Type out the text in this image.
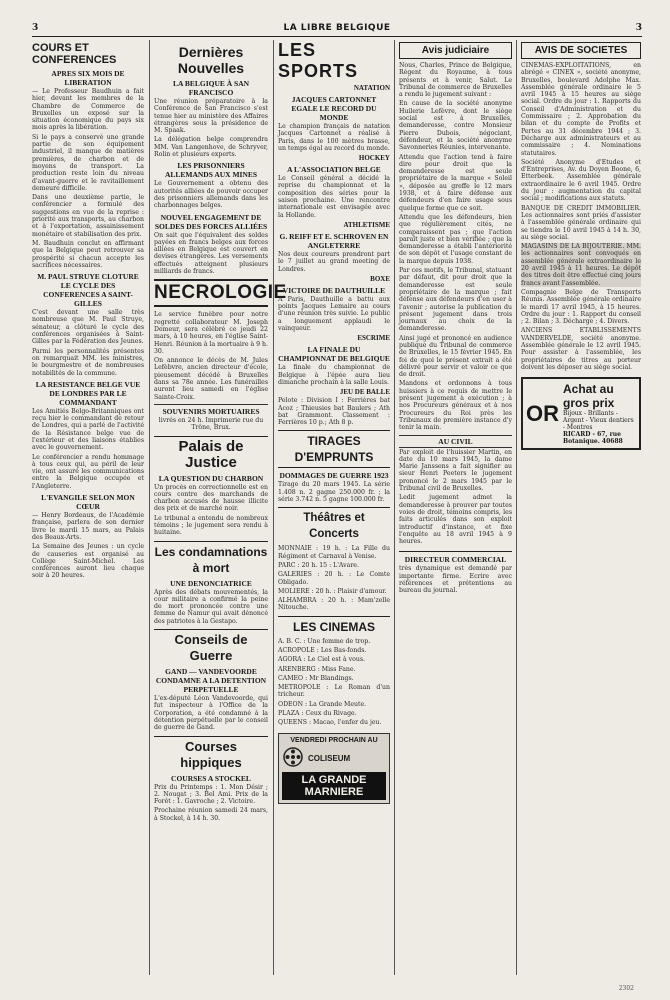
3	LA LIBRE BELGIQUE	3
COURS ET CONFERENCES
APRES SIX MOIS DE LIBERATION

— Le Professeur Baudhuin a fait hier, devant les membres de la Chambre de Commerce de Bruxelles un exposé sur la situation économique du pays six mois après la libération.

Si le pays a conservé une grande partie de son équipement industriel, il manque de matières premières, de charbon et de moyens de transport. La production reste loin du niveau d'avant-guerre et le ravitaillement demeure difficile.

Dans une deuxième partie, le conférencier a formulé des suggestions en vue de la reprise : priorité aux transports, au charbon et à l'exportation, assainissement monétaire et stabilisation des prix.

M. Baudhuin conclut en affirmant que la Belgique peut retrouver sa prospérité si chacun accepte les sacrifices nécessaires.

M. PAUL STRUYE CLOTURE LE CYCLE DES CONFERENCES A SAINT-GILLES

C'est devant une salle très nombreuse que M. Paul Struye, sénateur, a clôturé le cycle des conférences organisées à Saint-Gilles par la Fédération des Jeunes.

Parmi les personnalités présentes on remarquait MM. les ministres, le bourgmestre et de nombreuses notabilités de la commune.

LA RESISTANCE BELGE VUE DE LONDRES PAR LE COMMANDANT

Les Amitiés Belgo-Britanniques ont reçu hier le commandant de retour de Londres, qui a parlé de l'activité de la Résistance belge vue de l'extérieur et des liaisons établies avec le gouvernement.

Le conférencier a rendu hommage à tous ceux qui, au péril de leur vie, ont assuré les communications entre la Belgique occupée et l'Angleterre.

L'EVANGILE SELON MON CŒUR

— Henry Bordeaux, de l'Académie française, parlera de son dernier livre le mardi 15 mars, au Palais des Beaux-Arts.

La Semaine des Jeunes : un cycle de causeries est organisé au Collège Saint-Michel. Les conférences auront lieu chaque soir à 20 heures.

Dernières Nouvelles
LA BELGIQUE À SAN FRANCISCO

Une réunion préparatoire à la Conférence de San Francisco s'est tenue hier au ministère des Affaires étrangères sous la présidence de M. Spaak.

La délégation belge comprendra MM. Van Langenhove, de Schryver, Rolin et plusieurs experts.

LES PRISONNIERS ALLEMANDS AUX MINES

Le Gouvernement a obtenu des autorités alliées de pouvoir occuper des prisonniers allemands dans les charbonnages belges.

NOUVEL ENGAGEMENT DE SOLDES DES FORCES ALLIÉES

On sait que l'équivalent des soldes payées en francs belges aux forces alliées en Belgique est couvert en devises étrangères. Les versements effectués atteignent plusieurs milliards de francs.

NECROLOGIE

Le service funèbre pour notre regretté collaborateur M. Joseph Demeur, sera célébré ce jeudi 22 mars, à 10 heures, en l'église Saint-Henri. Réunion à la mortuaire à 9 h. 30.

On annonce le décès de M. Jules Lefèbvre, ancien directeur d'école, pieusement décédé à Bruxelles dans sa 78e année. Les funérailles auront lieu samedi en l'église Sainte-Croix.

SOUVENIRS MORTUAIRES

livrés en 24 h. Imprimerie rue du Trône, Brux.

Palais de Justice
LA QUESTION DU CHARBON

Un procès en correctionnelle est en cours contre des marchands de charbon accusés de hausse illicite des prix et de marché noir.

Le tribunal a entendu de nombreux témoins ; le jugement sera rendu à huitaine.

Les condamnations à mort
UNE DENONCIATRICE

Après des débats mouvementés, la cour militaire a confirmé la peine de mort prononcée contre une femme de Namur qui avait dénoncé des patriotes à la Gestapo.

Conseils de Guerre
GAND — VANDEVOORDE CONDAMNE A LA DETENTION PERPETUELLE

L'ex-député Léon Vandevoorde, qui fut inspecteur à l'Office de la Corporation, a été condamné à la détention perpétuelle par le conseil de guerre de Gand.

Courses hippiques
COURSES A STOCKEL

Prix du Printemps : 1. Mon Désir ; 2. Nougat ; 3. Bel Ami. Prix de la Forêt : 1. Gavroche ; 2. Victoire.

Prochaine réunion samedi 24 mars, à Stockel, à 14 h. 30.

LES SPORTS
NATATION
JACQUES CARTONNET EGALE LE RECORD DU MONDE

Le champion français de natation Jacques Cartonnet a réalisé à Paris, dans le 100 mètres brasse, un temps égal au record du monde.

HOCKEY
A L'ASSOCIATION BELGE

Le Conseil général a décidé la reprise du championnat et la composition des séries pour la saison prochaine. Une rencontre internationale est envisagée avec la Hollande.

ATHLETISME
G. REIFF ET E. SCHROVEN EN ANGLETERRE

Nos deux coureurs prendront part le 7 juillet au grand meeting de Londres.

BOXE
VICTOIRE DE DAUTHUILLE

A Paris, Dauthuille a battu aux points Jacques Lemaire au cours d'une réunion très suivie. Le public a longuement applaudi le vainqueur.

ESCRIME
LA FINALE DU CHAMPIONNAT DE BELGIQUE

La finale du championnat de Belgique à l'épée aura lieu dimanche prochain à la salle Louis.

JEU DE BALLE

Pelote : Division I : Ferrières bat Acoz ; Thieusies bat Baulers ; Ath bat Grammont. Classement : Ferrières 10 p.; Ath 8 p.

TIRAGES D'EMPRUNTS
DOMMAGES DE GUERRE 1923

Tirage du 20 mars 1945. La série 1.408 n. 2 gagne 250.000 fr. ; la série 3.742 n. 5 gagne 100.000 fr.

Théâtres et Concerts

MONNAIE : 19 h. : La Fille du Régiment et Carnaval à Venise.

PARC : 20 h. 15 : L'Avare.

GALERIES : 20 h. : Le Comte Obligado.

MOLIERE : 20 h. : Plaisir d'amour.

ALHAMBRA : 20 h. : Mam'zelle Nitouche.

LES CINEMAS

A. B. C. : Une femme de trop.

ACROPOLE : Les Bas-fonds.

AGORA : Le Ciel est à vous.

ARENBERG : Miss Fane.

CAMEO : Mr Blandings.

METROPOLE : Le Roman d'un tricheur.

ODEON : La Grande Meute.

PLAZA : Ceux du Rivage.

QUEENS : Macao, l'enfer du jeu.

VENDREDI PROCHAIN AU
COLISEUM
LA GRANDE MARNIERE
Avis judiciaire

Nous, Charles, Prince de Belgique, Régent du Royaume, à tous présents et à venir, Salut. Le Tribunal de commerce de Bruxelles a rendu le jugement suivant :

En cause de la société anonyme Huilerie Lefèvre, dont le siège social est à Bruxelles, demanderesse, contre Monsieur Pierre Dubois, négociant, défendeur, et la société anonyme Savonneries Réunies, intervenante.

Attendu que l'action tend à faire dire pour droit que la demanderesse est seule propriétaire de la marque « Soleil », déposée au greffe le 12 mars 1938, et à faire défense aux défendeurs d'en faire usage sous quelque forme que ce soit.

Attendu que les défendeurs, bien que régulièrement cités, ne comparaissent pas ; que l'action paraît juste et bien vérifiée ; que la demanderesse a établi l'antériorité de son dépôt et l'usage constant de la marque depuis 1938.

Par ces motifs, le Tribunal, statuant par défaut, dit pour droit que la demanderesse est seule propriétaire de la marque ; fait défense aux défendeurs d'en user à l'avenir ; autorise la publication du présent jugement dans trois journaux au choix de la demanderesse.

Ainsi jugé et prononcé en audience publique du Tribunal de commerce de Bruxelles, le 15 février 1945. En foi de quoi le présent extrait a été délivré pour servir et valoir ce que de droit.

Mandons et ordonnons à tous huissiers à ce requis de mettre le présent jugement à exécution ; à nos Procureurs généraux et à nos Procureurs du Roi près les Tribunaux de première instance d'y tenir la main.

AU CIVIL

Par exploit de l'huissier Martin, en date du 10 mars 1945, la dame Marie Janssens a fait signifier au sieur Henri Peeters le jugement prononcé le 2 mars 1945 par le Tribunal civil de Bruxelles.

Ledit jugement admet la demanderesse à prouver par toutes voies de droit, témoins compris, les faits articulés dans son exploit introductif d'instance, et fixe l'enquête au 18 avril 1945 à 9 heures.

DIRECTEUR COMMERCIAL

très dynamique est demandé par importante firme. Ecrire avec références et prétentions au bureau du journal.

AVIS DE SOCIETES

CINEMAS-EXPLOITATIONS, en abrégé « CINEX », société anonyme, Bruxelles, boulevard Adolphe Max. Assemblée générale ordinaire le 5 avril 1945 à 15 heures au siège social. Ordre du jour : 1. Rapports du Conseil d'Administration et du Commissaire ; 2. Approbation du bilan et du compte de Profits et Pertes au 31 décembre 1944 ; 3. Décharge aux administrateurs et au commissaire ; 4. Nominations statutaires.

Société Anonyme d'Etudes et d'Entreprises, Av. du Doyen Boone, 6, Etterbeek. Assemblée générale extraordinaire le 6 avril 1945. Ordre du jour : augmentation du capital social ; modifications aux statuts.

BANQUE DE CREDIT IMMOBILIER. Les actionnaires sont priés d'assister à l'assemblée générale ordinaire qui se tiendra le 10 avril 1945 à 14 h. 30, au siège social.

MAGASINS DE LA BIJOUTERIE. MM. les actionnaires sont convoqués en assemblée générale extraordinaire le 20 avril 1945 à 11 heures. Le dépôt des titres doit être effectué cinq jours francs avant l'assemblée.

Compagnie Belge de Transports Réunis. Assemblée générale ordinaire le mardi 17 avril 1945, à 15 heures. Ordre du jour : 1. Rapport du conseil ; 2. Bilan ; 3. Décharge ; 4. Divers.

ANCIENS ETABLISSEMENTS VANDERVELDE, société anonyme. Assemblée générale le 12 avril 1945. Pour assister à l'assemblée, les propriétaires de titres au porteur doivent les déposer au siège social.

OR
Achat au gros prix
Bijoux - Brillants - Argent - Vieux dentiers - Montres
RICARD - 67, rue Botanique. 40688
2302
